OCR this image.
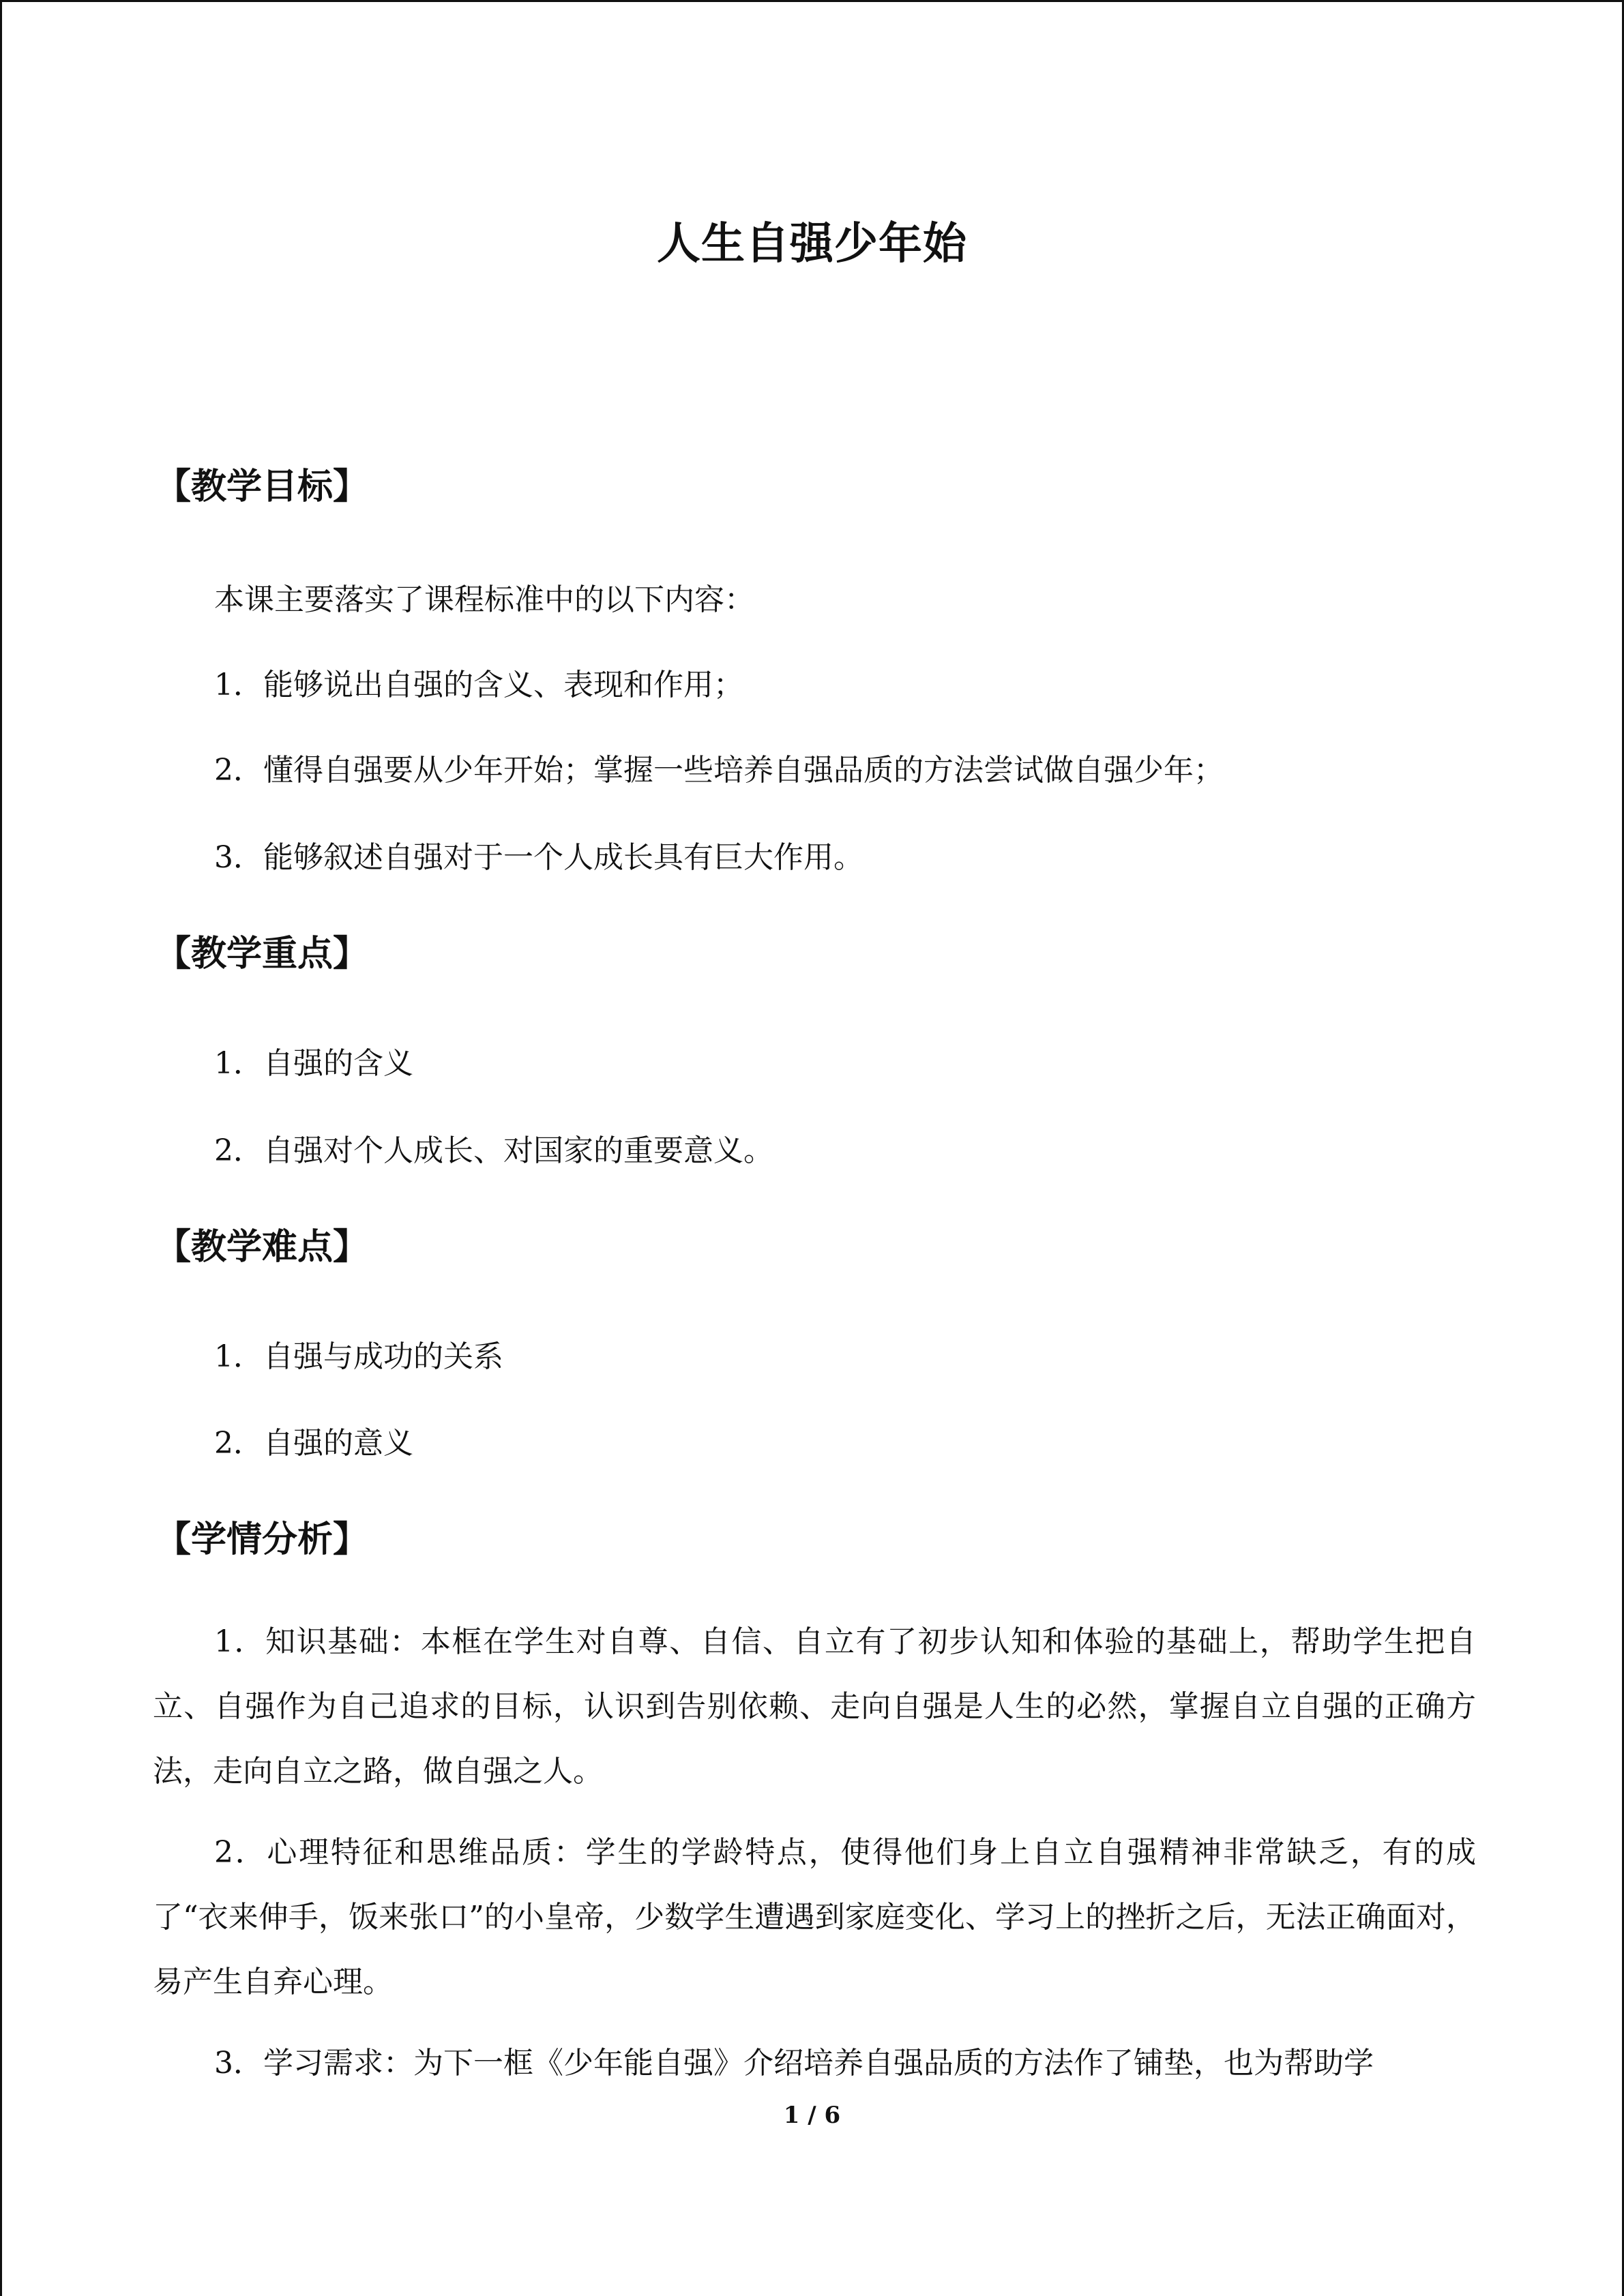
人生自强少年始
【教学目标】

本课主要落实了课程标准中的以下内容：

1．能够说出自强的含义、表现和作用；

2．懂得自强要从少年开始；掌握一些培养自强品质的方法尝试做自强少年；

3．能够叙述自强对于一个人成长具有巨大作用。

【教学重点】

1．自强的含义

2．自强对个人成长、对国家的重要意义。

【教学难点】

1．自强与成功的关系

2．自强的意义

【学情分析】

1．知识基础：本框在学生对自尊、自信、自立有了初步认知和体验的基础上，帮助学生把自立、自强作为自己追求的目标，认识到告别依赖、走向自强是人生的必然，掌握自立自强的正确方法，走向自立之路，做自强之人。

2．心理特征和思维品质：学生的学龄特点，使得他们身上自立自强精神非常缺乏，有的成了“衣来伸手，饭来张口”的小皇帝，少数学生遭遇到家庭变化、学习上的挫折之后，无法正确面对，易产生自弃心理。

3．学习需求：为下一框《少年能自强》介绍培养自强品质的方法作了铺垫，也为帮助学

1 / 6
